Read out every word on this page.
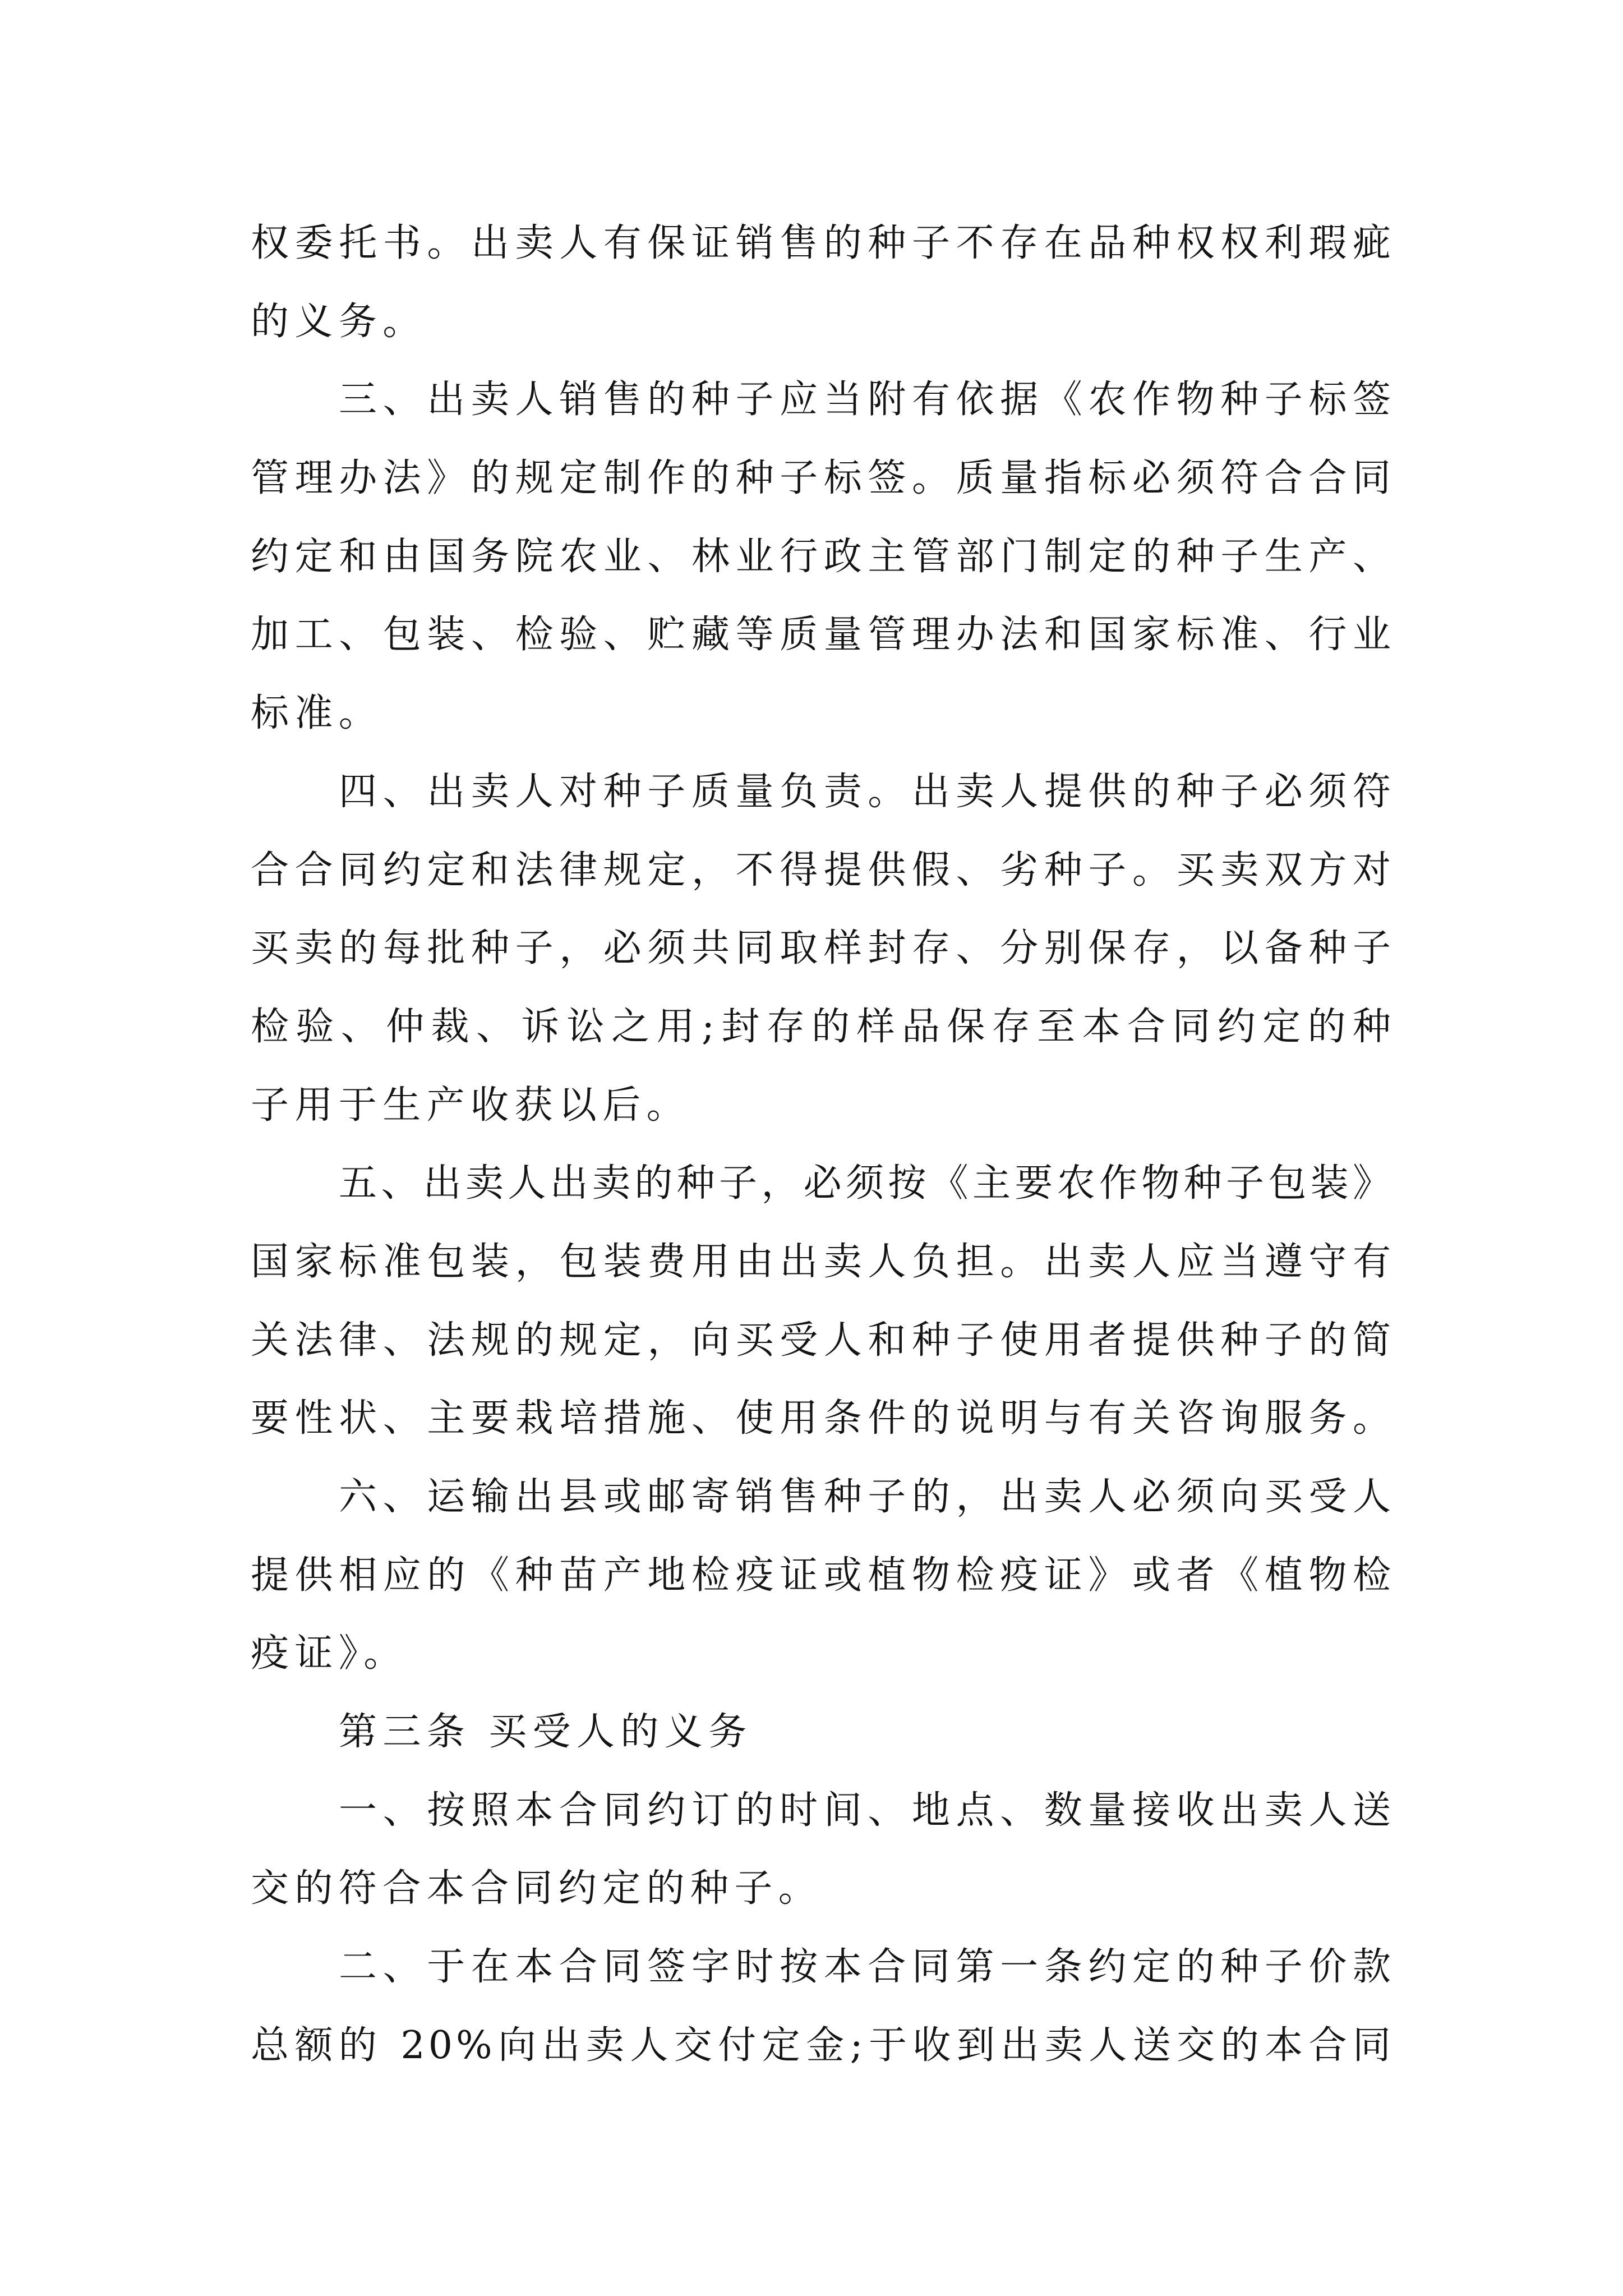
权委托书。出卖人有保证销售的种子不存在品种权权利瑕疵
的义务。
三、出卖人销售的种子应当附有依据《农作物种子标签
管理办法》的规定制作的种子标签。质量指标必须符合合同
约定和由国务院农业、林业行政主管部门制定的种子生产、
加工、包装、检验、贮藏等质量管理办法和国家标准、行业
标准。
四、出卖人对种子质量负责。出卖人提供的种子必须符
合合同约定和法律规定，不得提供假、劣种子。买卖双方对
买卖的每批种子，必须共同取样封存、分别保存，以备种子
检验、仲裁、诉讼之用;封存的样品保存至本合同约定的种
子用于生产收获以后。
五、出卖人出卖的种子，必须按《主要农作物种子包装》
国家标准包装，包装费用由出卖人负担。出卖人应当遵守有
关法律、法规的规定，向买受人和种子使用者提供种子的简
要性状、主要栽培措施、使用条件的说明与有关咨询服务。
六、运输出县或邮寄销售种子的，出卖人必须向买受人
提供相应的《种苗产地检疫证或植物检疫证》或者《植物检
疫证》。
第三条 买受人的义务
一、按照本合同约订的时间、地点、数量接收出卖人送
交的符合本合同约定的种子。
二、于在本合同签字时按本合同第一条约定的种子价款
总额的 20%向出卖人交付定金;于收到出卖人送交的本合同
